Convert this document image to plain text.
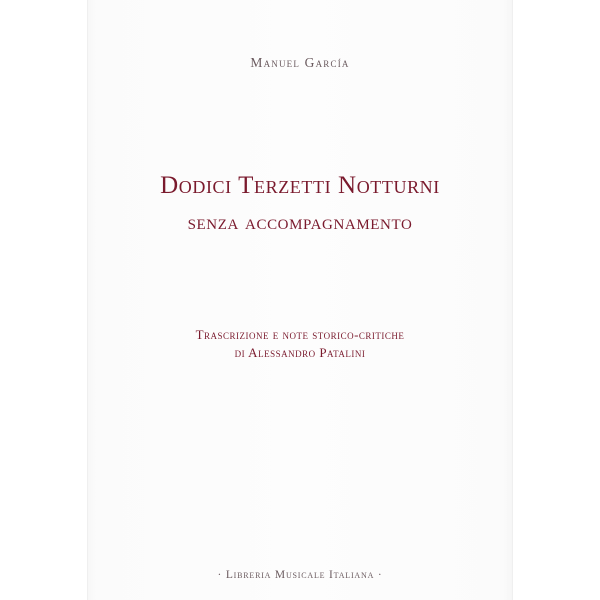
Manuel García
Dodici Terzetti Notturni
senza accompagnamento
Trascrizione e note storico-critiche
di Alessandro Patalini
· Libreria Musicale Italiana ·
